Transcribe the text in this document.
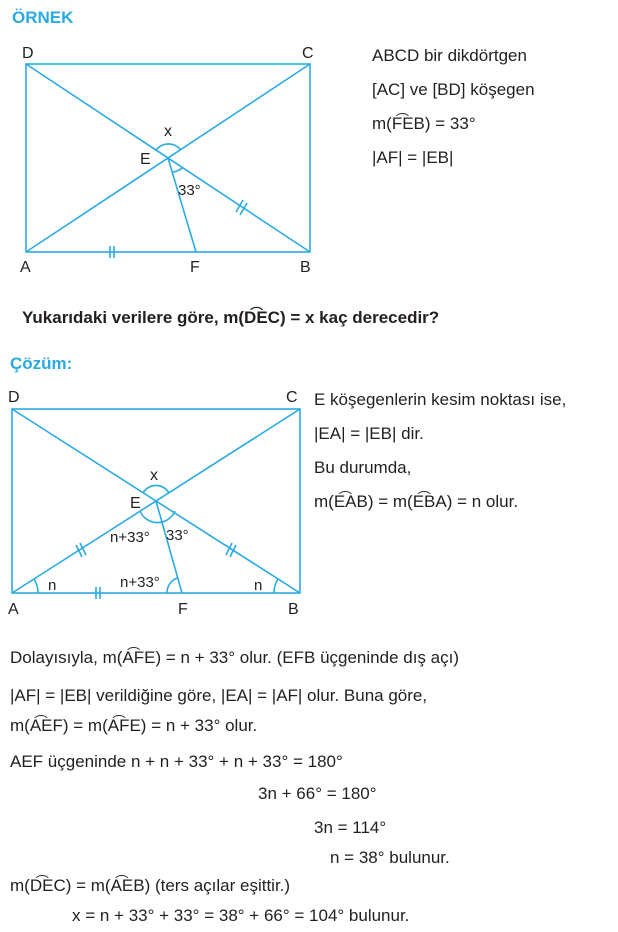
ÖRNEK
D	C
A	B
E
F
x
33°
ABCD bir dikdörtgen
[AC] ve [BD] köşegen
m(F͡EB) = 33°
|AF| = |EB|
Yukarıdaki verilere göre, m(D͡EC) = x kaç derecedir?
Çözüm:
D	C
A	B
E
F
x
n	n
n+33° 33°
n+33°
E köşegenlerin kesim noktası ise,
|EA| = |EB| dir.
Bu durumda,
m(E͡AB) = m(E͡BA) = n olur.
Dolayısıyla, m(A͡FE) = n + 33° olur. (EFB üçgeninde dış açı)
|AF| = |EB| verildiğine göre, |EA| = |AF| olur. Buna göre,
m(A͡EF) = m(A͡FE) = n + 33° olur.
AEF üçgeninde n + n + 33° + n + 33° = 180°
3n + 66° = 180°
3n = 114°
n = 38° bulunur.
m(D͡EC) = m(A͡EB) (ters açılar eşittir.)
x = n + 33° + 33° = 38° + 66° = 104° bulunur.
